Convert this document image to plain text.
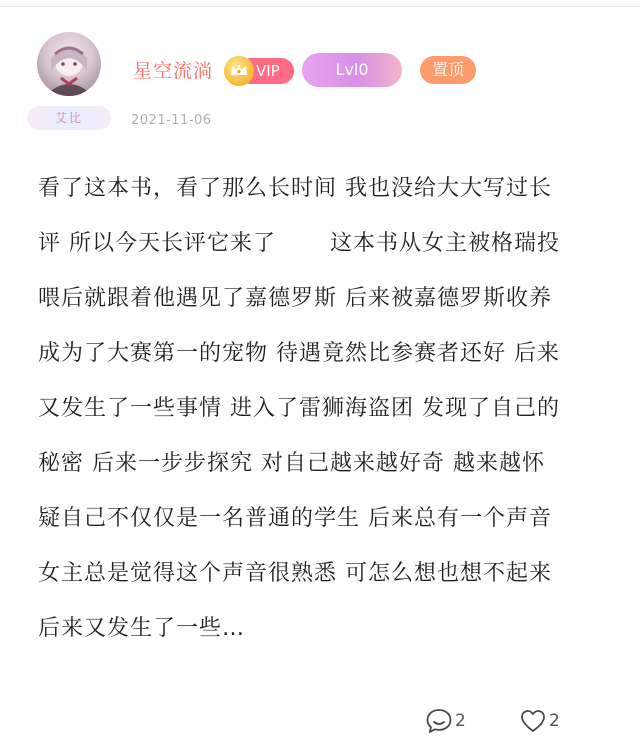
艾比
星空流淌	VIP	Lvl0	置顶
2021-11-06
看了这本书，看了那么长时间 我也没给大大写过长
评 所以今天长评它来了 　　这本书从女主被格瑞投
喂后就跟着他遇见了嘉德罗斯 后来被嘉德罗斯收养
成为了大赛第一的宠物 待遇竟然比参赛者还好 后来
又发生了一些事情 进入了雷狮海盗团 发现了自己的
秘密 后来一步步探究 对自己越来越好奇 越来越怀
疑自己不仅仅是一名普通的学生 后来总有一个声音
女主总是觉得这个声音很熟悉 可怎么想也想不起来
后来又发生了一些…
2	2
